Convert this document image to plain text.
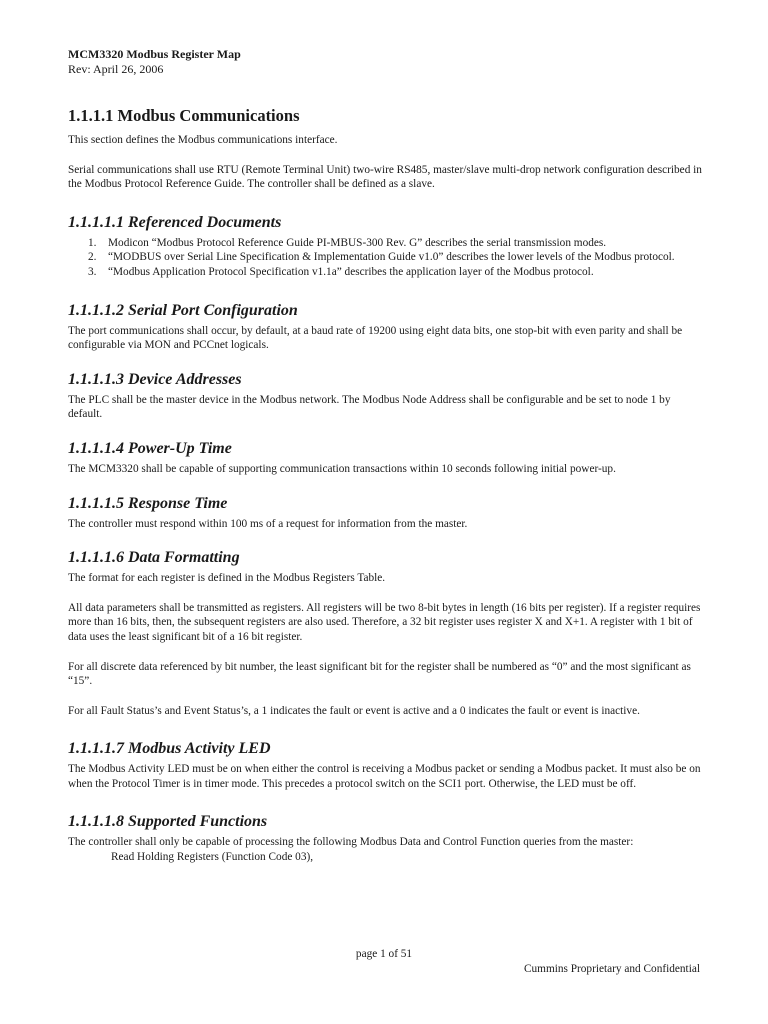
MCM3320 Modbus Register Map
Rev: April 26, 2006
1.1.1.1 Modbus Communications

This section defines the Modbus communications interface.

Serial communications shall use RTU (Remote Terminal Unit) two-wire RS485, master/slave multi-drop network configuration described in the Modbus Protocol Reference Guide. The controller shall be defined as a slave.

1.1.1.1.1 Referenced Documents
1. Modicon “Modbus Protocol Reference Guide PI-MBUS-300 Rev. G” describes the serial transmission modes.
2. “MODBUS over Serial Line Specification & Implementation Guide v1.0” describes the lower levels of the Modbus protocol.
3. “Modbus Application Protocol Specification v1.1a” describes the application layer of the Modbus protocol.
1.1.1.1.2 Serial Port Configuration

The port communications shall occur, by default, at a baud rate of 19200 using eight data bits, one stop-bit with even parity and shall be configurable via MON and PCCnet logicals.

1.1.1.1.3 Device Addresses

The PLC shall be the master device in the Modbus network. The Modbus Node Address shall be configurable and be set to node 1 by default.

1.1.1.1.4 Power-Up Time

The MCM3320 shall be capable of supporting communication transactions within 10 seconds following initial power-up.

1.1.1.1.5 Response Time

The controller must respond within 100 ms of a request for information from the master.

1.1.1.1.6 Data Formatting

The format for each register is defined in the Modbus Registers Table.

All data parameters shall be transmitted as registers. All registers will be two 8-bit bytes in length (16 bits per register). If a register requires more than 16 bits, then, the subsequent registers are also used. Therefore, a 32 bit register uses register X and X+1. A register with 1 bit of data uses the least significant bit of a 16 bit register.

For all discrete data referenced by bit number, the least significant bit for the register shall be numbered as “0” and the most significant as “15”.

For all Fault Status’s and Event Status’s, a 1 indicates the fault or event is active and a 0 indicates the fault or event is inactive.

1.1.1.1.7 Modbus Activity LED

The Modbus Activity LED must be on when either the control is receiving a Modbus packet or sending a Modbus packet. It must also be on when the Protocol Timer is in timer mode. This precedes a protocol switch on the SCI1 port. Otherwise, the LED must be off.

1.1.1.1.8 Supported Functions

The controller shall only be capable of processing the following Modbus Data and Control Function queries from the master:

Read Holding Registers (Function Code 03),

page 1 of 51
Cummins Proprietary and Confidential
